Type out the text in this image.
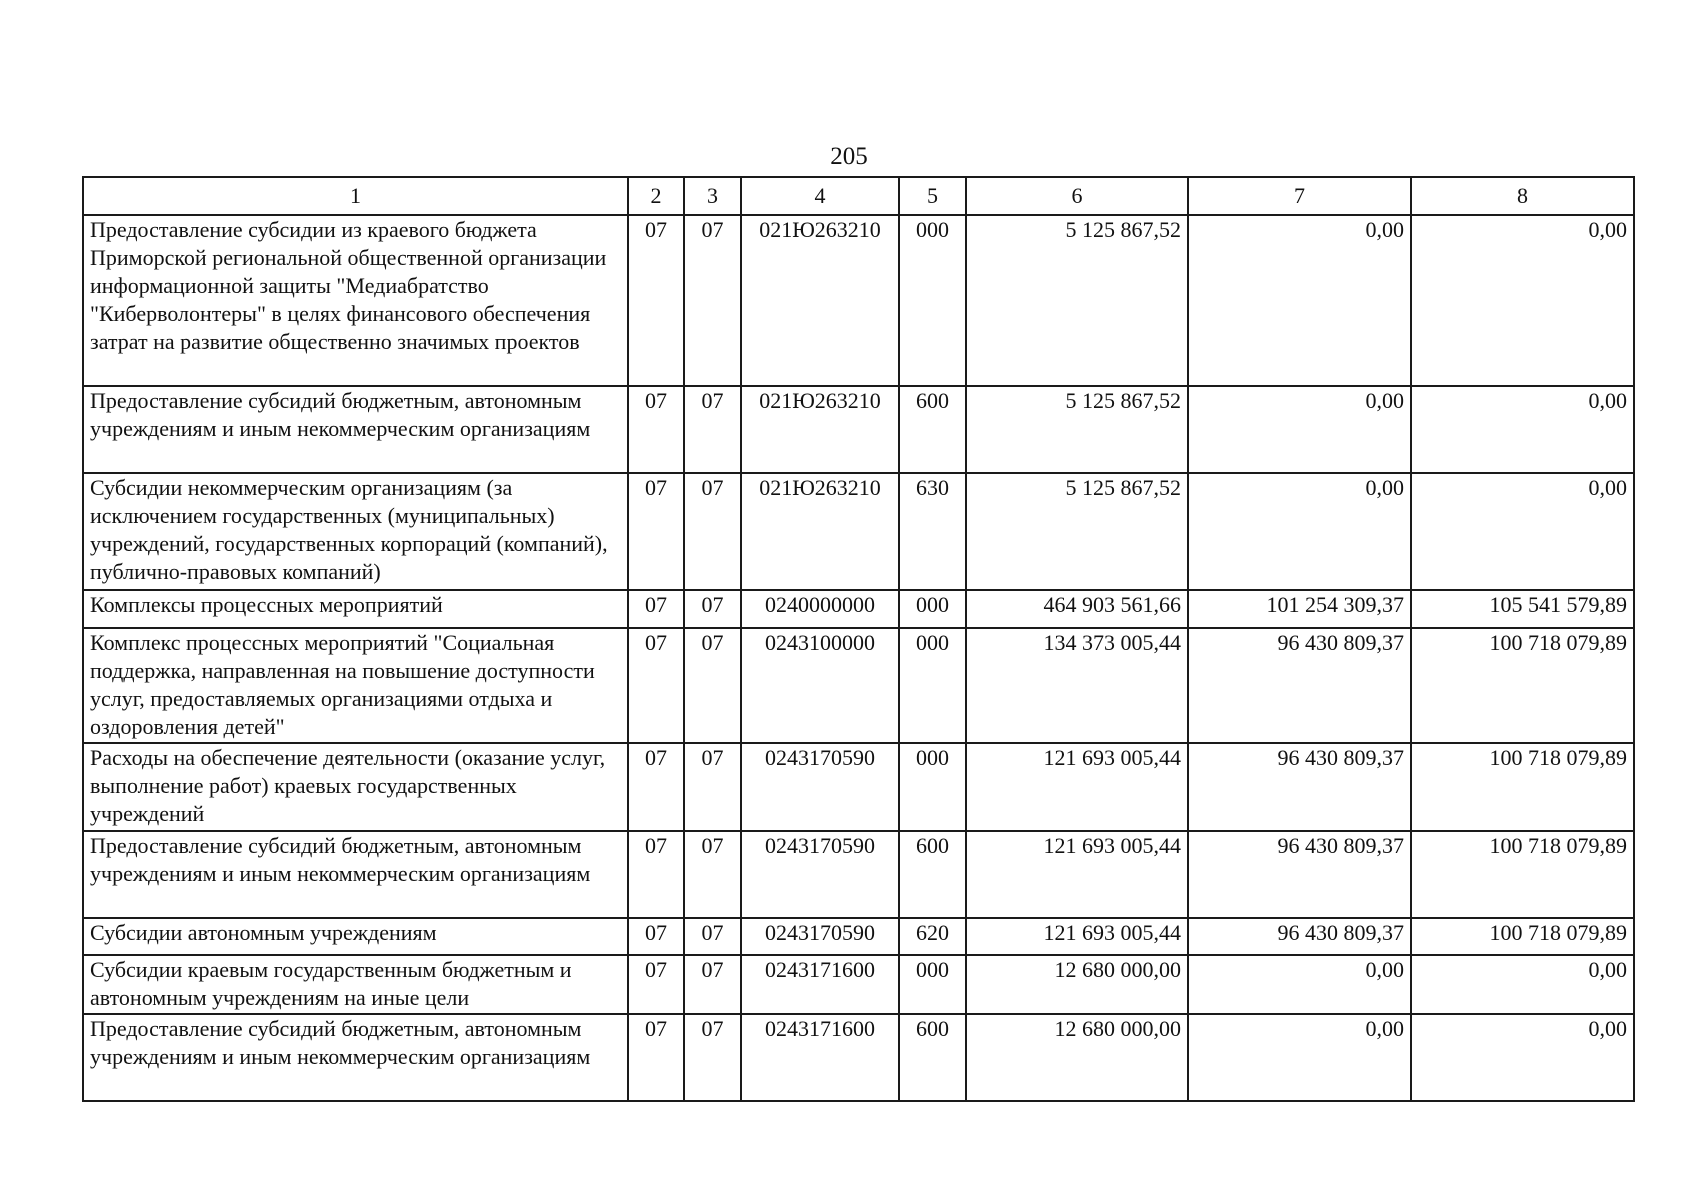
205
1	2	3	4	5	6	7	8
Предоставление субсидии из краевого бюджета Приморской региональной общественной организации информационной защиты "Медиабратство "Киберволонтеры" в целях финансового обеспечения затрат на развитие общественно значимых проектов	07	07	021Ю263210	000	5 125 867,52	0,00	0,00
Предоставление субсидий бюджетным, автономным учреждениям и иным некоммерческим организациям	07	07	021Ю263210	600	5 125 867,52	0,00	0,00
Субсидии некоммерческим организациям (за исключением государственных (муниципальных) учреждений, государственных корпораций (компаний), публично-правовых компаний)	07	07	021Ю263210	630	5 125 867,52	0,00	0,00
Комплексы процессных мероприятий	07	07	0240000000	000	464 903 561,66	101 254 309,37	105 541 579,89
Комплекс процессных мероприятий "Социальная поддержка, направленная на повышение доступности услуг, предоставляемых организациями отдыха и оздоровления детей"	07	07	0243100000	000	134 373 005,44	96 430 809,37	100 718 079,89
Расходы на обеспечение деятельности (оказание услуг, выполнение работ) краевых государственных учреждений	07	07	0243170590	000	121 693 005,44	96 430 809,37	100 718 079,89
Предоставление субсидий бюджетным, автономным учреждениям и иным некоммерческим организациям	07	07	0243170590	600	121 693 005,44	96 430 809,37	100 718 079,89
Субсидии автономным учреждениям	07	07	0243170590	620	121 693 005,44	96 430 809,37	100 718 079,89
Субсидии краевым государственным бюджетным и автономным учреждениям на иные цели	07	07	0243171600	000	12 680 000,00	0,00	0,00
Предоставление субсидий бюджетным, автономным учреждениям и иным некоммерческим организациям	07	07	0243171600	600	12 680 000,00	0,00	0,00
